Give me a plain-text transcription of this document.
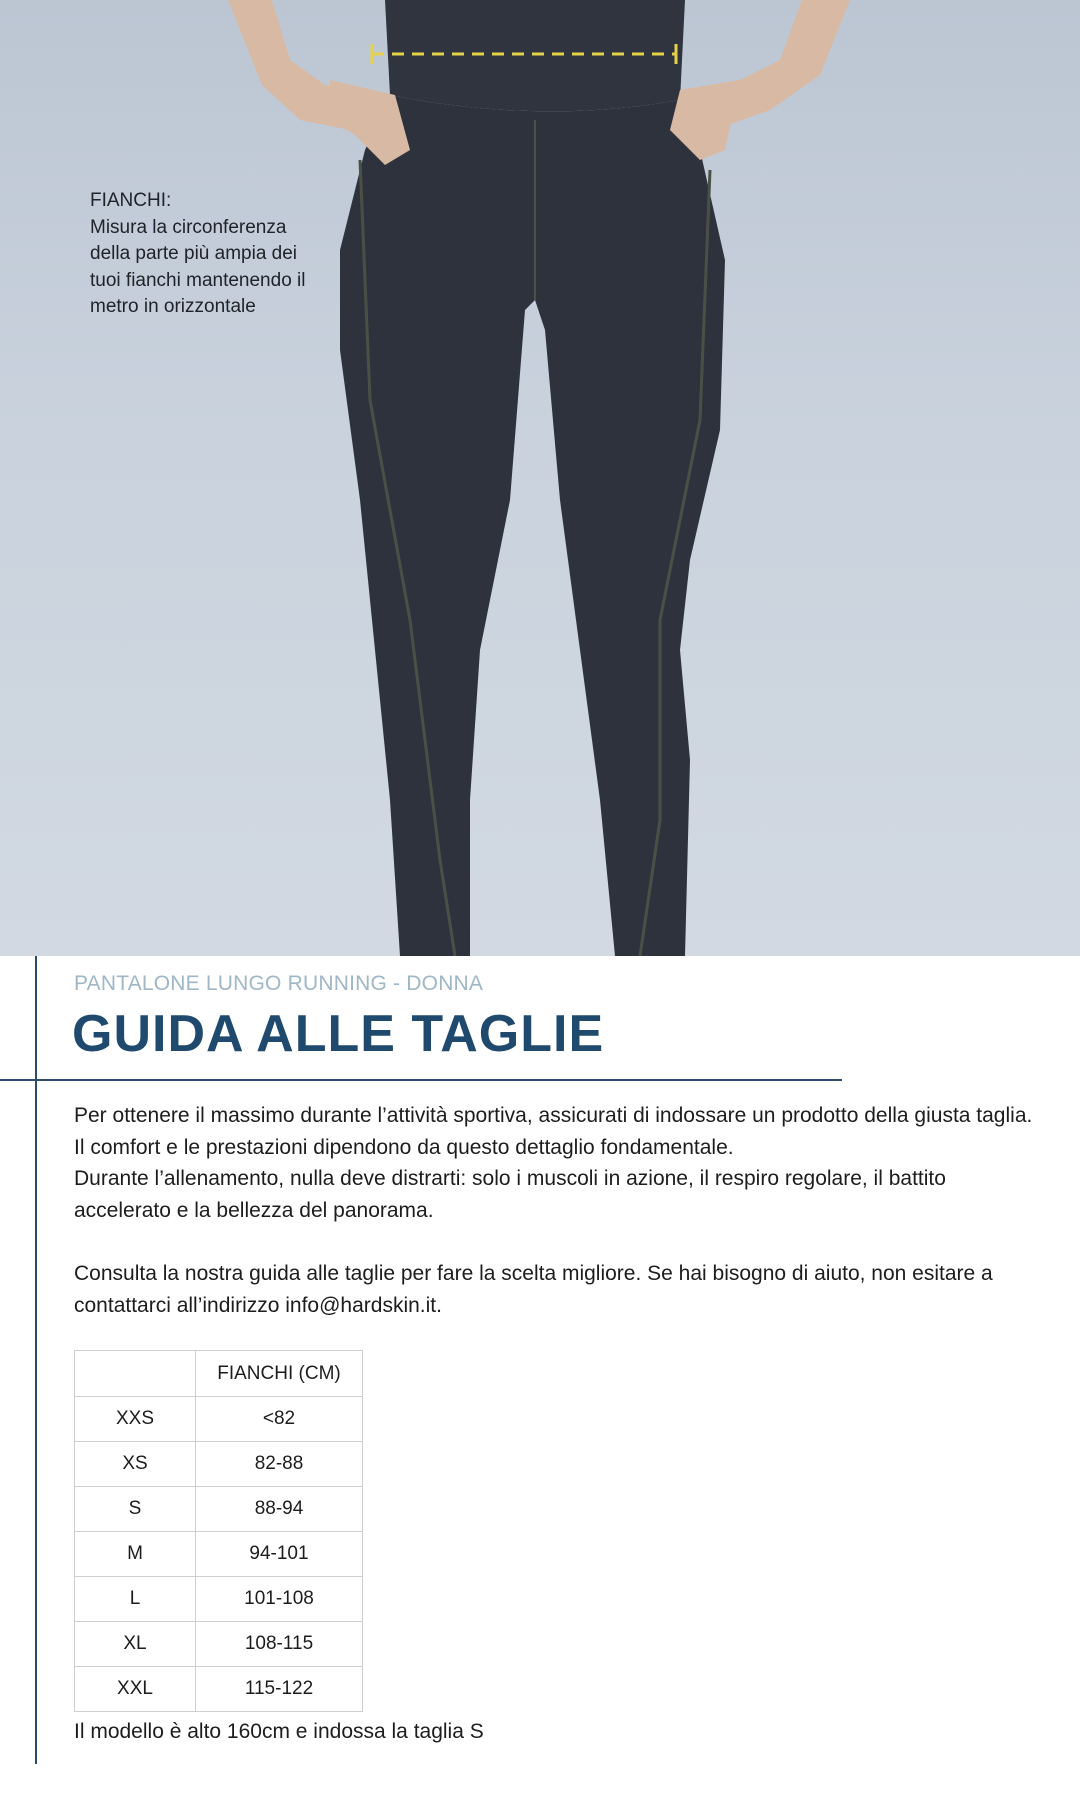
FIANCHI:
Misura la circonferenza della parte più ampia dei tuoi fianchi mantenendo il metro in orizzontale
PANTALONE LUNGO RUNNING - DONNA
GUIDA ALLE TAGLIE

Per ottenere il massimo durante l’attività sportiva, assicurati di indossare un prodotto della giusta taglia. Il comfort e le prestazioni dipendono da questo dettaglio fondamentale.

Durante l’allenamento, nulla deve distrarti: solo i muscoli in azione, il respiro regolare, il battito accelerato e la bellezza del panorama.

Consulta la nostra guida alle taglie per fare la scelta migliore. Se hai bisogno di aiuto, non esitare a contattarci all’indirizzo info@hardskin.it.

	FIANCHI (CM)
XXS	<82
XS	82-88
S	88-94
M	94-101
L	101-108
XL	108-115
XXL	115-122
Il modello è alto 160cm e indossa la taglia S
